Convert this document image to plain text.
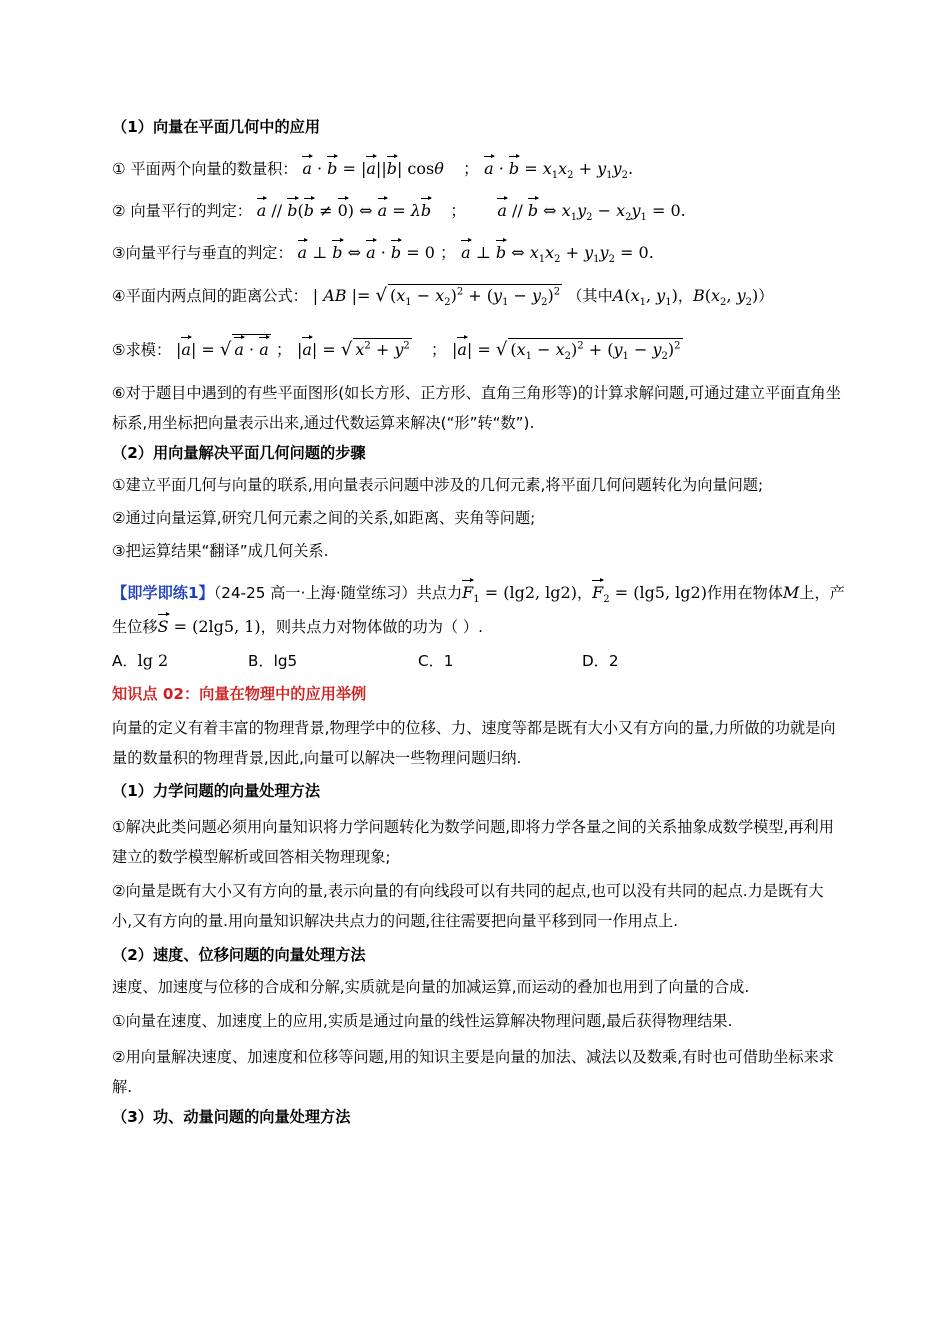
（1）向量在平面几何中的应用
① 平面两个向量的数量积： a · b = |a||b| cosθ ； $a \cdot b = x_1x_2 + y_1y_2$.
② 向量平行的判定： a // b(b ≠ 0) ⇔ a = λb ； a // b ⇔ $x_1y_2 - x_2y_1 = 0$.
③向量平行与垂直的判定： a ⊥ b ⇔ a · b = 0 ； a ⊥ b ⇔ $x_1x_2 + y_1y_2 = 0$.
④平面内两点间的距离公式： | AB |= √ $(x_1 - x_2)^2 + (y_1 - y_2)^2$ （其中$A(x_1$, $y_1$)，$B(x_2$, $y_2$)）
⑤求模： |a| = √ a · a ； |a| = √ $x^2 + y^2$ ； |a| = √ $(x_1 - x_2)^2 + (y_1 - y_2)^2$
⑥对于题目中遇到的有些平面图形(如长方形、正方形、直角三角形等)的计算求解问题,可通过建立平面直角坐标系,用坐标把向量表示出来,通过代数运算来解决(“形”转“数”).
（2）用向量解决平面几何问题的步骤
①建立平面几何与向量的联系,用向量表示问题中涉及的几何元素,将平面几何问题转化为向量问题;
②通过向量运算,研究几何元素之间的关系,如距离、夹角等问题;
③把运算结果“翻译”成几何关系.
【即学即练1】（24-25 高一·上海·随堂练习）共点力$F_1 = (\lg 2$, lg2)，$F_2 = (\lg 5$, lg2)作用在物体M上，产
生位移S = (2lg5, 1)，则共点力对物体做的功为（ ）.
A．lg 2	B．lg5	C．1	D．2
知识点 02：向量在物理中的应用举例
向量的定义有着丰富的物理背景,物理学中的位移、力、速度等都是既有大小又有方向的量,力所做的功就是向量的数量积的物理背景,因此,向量可以解决一些物理问题归纳.
（1）力学问题的向量处理方法
①解决此类问题必须用向量知识将力学问题转化为数学问题,即将力学各量之间的关系抽象成数学模型,再利用建立的数学模型解析或回答相关物理现象;
②向量是既有大小又有方向的量,表示向量的有向线段可以有共同的起点,也可以没有共同的起点.力是既有大小,又有方向的量.用向量知识解决共点力的问题,往往需要把向量平移到同一作用点上.
（2）速度、位移问题的向量处理方法
速度、加速度与位移的合成和分解,实质就是向量的加减运算,而运动的叠加也用到了向量的合成.
①向量在速度、加速度上的应用,实质是通过向量的线性运算解决物理问题,最后获得物理结果.
②用向量解决速度、加速度和位移等问题,用的知识主要是向量的加法、减法以及数乘,有时也可借助坐标来求解.
（3）功、动量问题的向量处理方法
